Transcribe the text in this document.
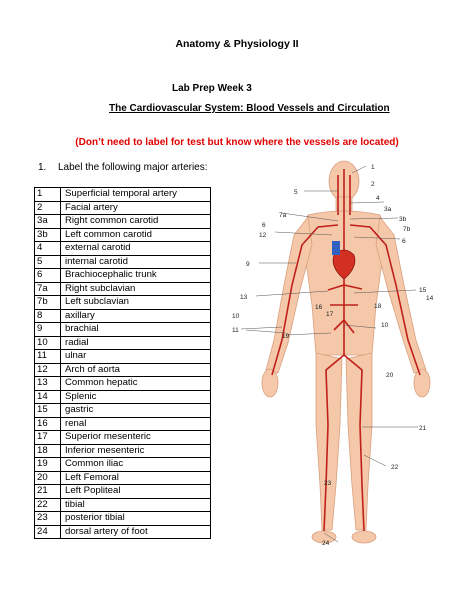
Anatomy & Physiology II
Lab Prep Week 3
The Cardiovascular System: Blood Vessels and Circulation
(Don’t need to label for test but know where the vessels are located)
1. Label the following major arteries:
1	Superficial temporal artery
2	Facial artery
3a	Right common carotid
3b	Left common carotid
4	external carotid
5	internal carotid
6	Brachiocephalic trunk
7a	Right subclavian
7b	Left subclavian
8	axillary
9	brachial
10	radial
11	ulnar
12	Arch of aorta
13	Common hepatic
14	Splenic
15	gastric
16	renal
17	Superior mesenteric
18	Inferior mesenteric
19	Common iliac
20	Left Femoral
21	Left Popliteal
22	tibial
23	posterior tibial
24	dorsal artery of foot
1
2
5
4
3a
7a
3b
6
7b
12
6
9
15
14
13
16
17
18
10
10
11
19
20
21
22
23
24
